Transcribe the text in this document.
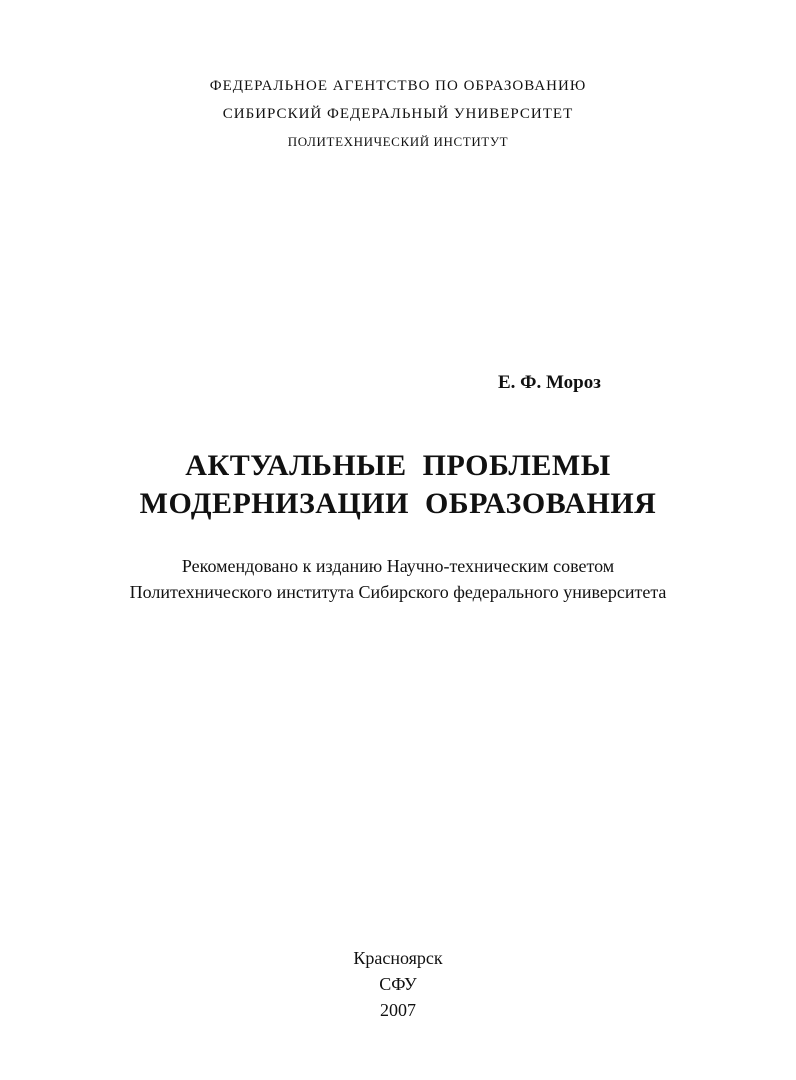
ФЕДЕРАЛЬНОЕ АГЕНТСТВО ПО ОБРАЗОВАНИЮ
СИБИРСКИЙ ФЕДЕРАЛЬНЫЙ УНИВЕРСИТЕТ
ПОЛИТЕХНИЧЕСКИЙ ИНСТИТУТ
Е. Ф. Мороз
АКТУАЛЬНЫЕ  ПРОБЛЕМЫ
МОДЕРНИЗАЦИИ  ОБРАЗОВАНИЯ
Рекомендовано к изданию Научно-техническим советом
Политехнического института Сибирского федерального университета
Красноярск
СФУ
2007
